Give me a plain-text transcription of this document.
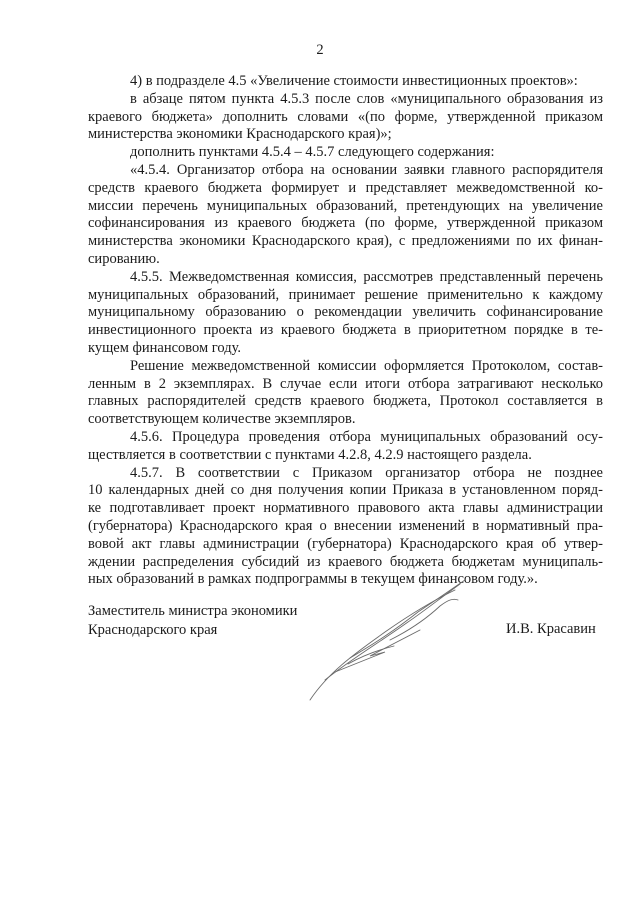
2
4) в подразделе 4.5 «Увеличение стоимости инвестиционных проектов»:
в абзаце пятом пункта 4.5.3 после слов «муниципального образования из
краевого бюджета» дополнить словами «(по форме, утвержденной приказом
министерства экономики Краснодарского края)»;
дополнить пунктами 4.5.4 – 4.5.7 следующего содержания:
«4.5.4. Организатор отбора на основании заявки главного распорядителя
средств краевого бюджета формирует и представляет межведомственной ко-
миссии перечень муниципальных образований, претендующих на увеличение
софинансирования из краевого бюджета (по форме, утвержденной приказом
министерства экономики Краснодарского края), с предложениями по их финан-
сированию.
4.5.5. Межведомственная комиссия, рассмотрев представленный перечень
муниципальных образований, принимает решение применительно к каждому
муниципальному образованию о рекомендации увеличить софинансирование
инвестиционного проекта из краевого бюджета в приоритетном порядке в те-
кущем финансовом году.
Решение межведомственной комиссии оформляется Протоколом, состав-
ленным в 2 экземплярах. В случае если итоги отбора затрагивают несколько
главных распорядителей средств краевого бюджета, Протокол составляется в
соответствующем количестве экземпляров.
4.5.6. Процедура проведения отбора муниципальных образований осу-
ществляется в соответствии с пунктами 4.2.8, 4.2.9 настоящего раздела.
4.5.7. В соответствии с Приказом организатор отбора не позднее
10 календарных дней со дня получения копии Приказа в установленном поряд-
ке подготавливает проект нормативного правового акта главы администрации
(губернатора) Краснодарского края о внесении изменений в нормативный пра-
вовой акт главы администрации (губернатора) Краснодарского края об утвер-
ждении распределения субсидий из краевого бюджета бюджетам муниципаль-
ных образований в рамках подпрограммы в текущем финансовом году.».
Заместитель министра экономики
Краснодарского края	И.В. Красавин
